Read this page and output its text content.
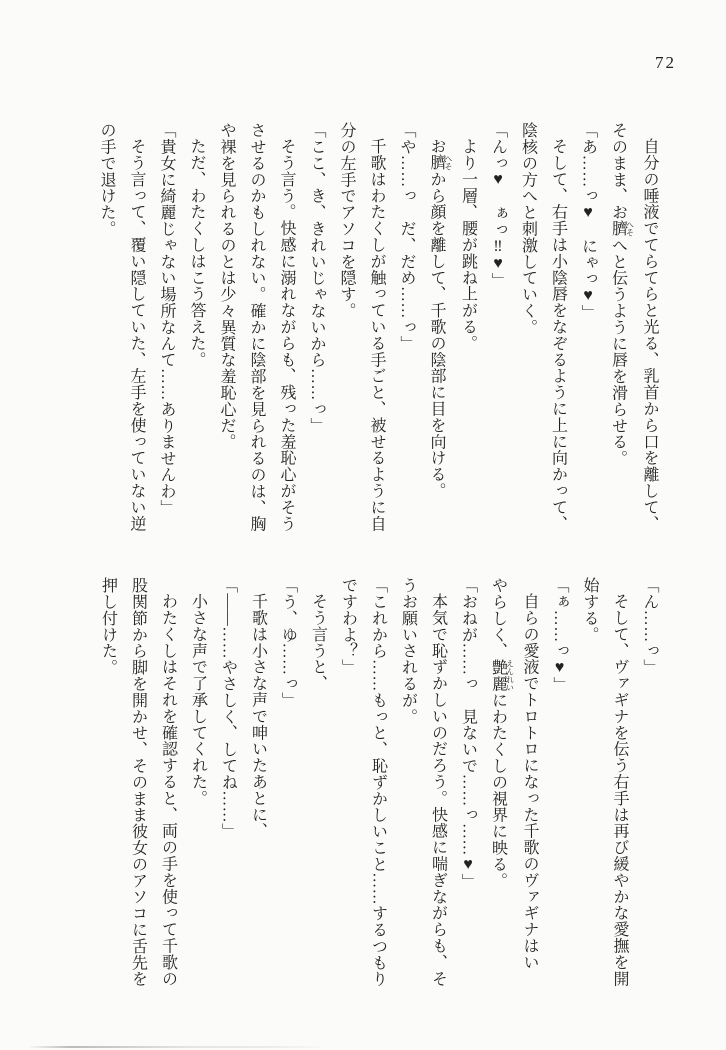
72

自分の唾液でてらてらと光る、乳首から口を離して、

そのまま、お臍 へそへと伝うように唇を滑らせる。

「あ……っ♥　にゃっ♥」

そして、右手は小陰唇をなぞるように上に向かって、

陰核の方へと刺激していく。

「んっ♥　ぁっ‼♥」

より一層、腰が跳ね上がる。

お臍 へそから顔を離して、千歌の陰部に目を向ける。

「や……っ　だ、だめ……っ」

千歌はわたくしが触っている手ごと、被せるように自

分の左手でアソコを隠す。

「ここ、き、きれいじゃないから……っ」

そう言う。快感に溺れながらも、残った羞恥心がそう

させるのかもしれない。確かに陰部を見られるのは、胸

や裸を見られるのとは少々異質な羞恥心だ。

ただ、わたくしはこう答えた。

「貴女に綺麗じゃない場所なんて……ありませんわ」

そう言って、覆い隠していた、左手を使っていない逆

の手で退けた。

「ん……っ」

そして、ヴァギナを伝う右手は再び緩やかな愛撫を開

始する。

「ぁ……っ♥」

自らの愛液でトロトロになった千歌のヴァギナはい

やらしく、艶麗 えんれいにわたくしの視界に映る。

「おねが……っ　見ないで……っ……♥」

本気で恥ずかしいのだろう。快感に喘ぎながらも、そ

うお願いされるが。

「これから……もっと、恥ずかしいこと……するつもり

ですわよ？」

そう言うと、

「う、ゆ……っ」

千歌は小さな声で呻いたあとに、

「――……やさしく、してね……」

小さな声で了承してくれた。

わたくしはそれを確認すると、両の手を使って千歌の

股関節から脚を開かせ、そのまま彼女のアソコに舌先を

押し付けた。
